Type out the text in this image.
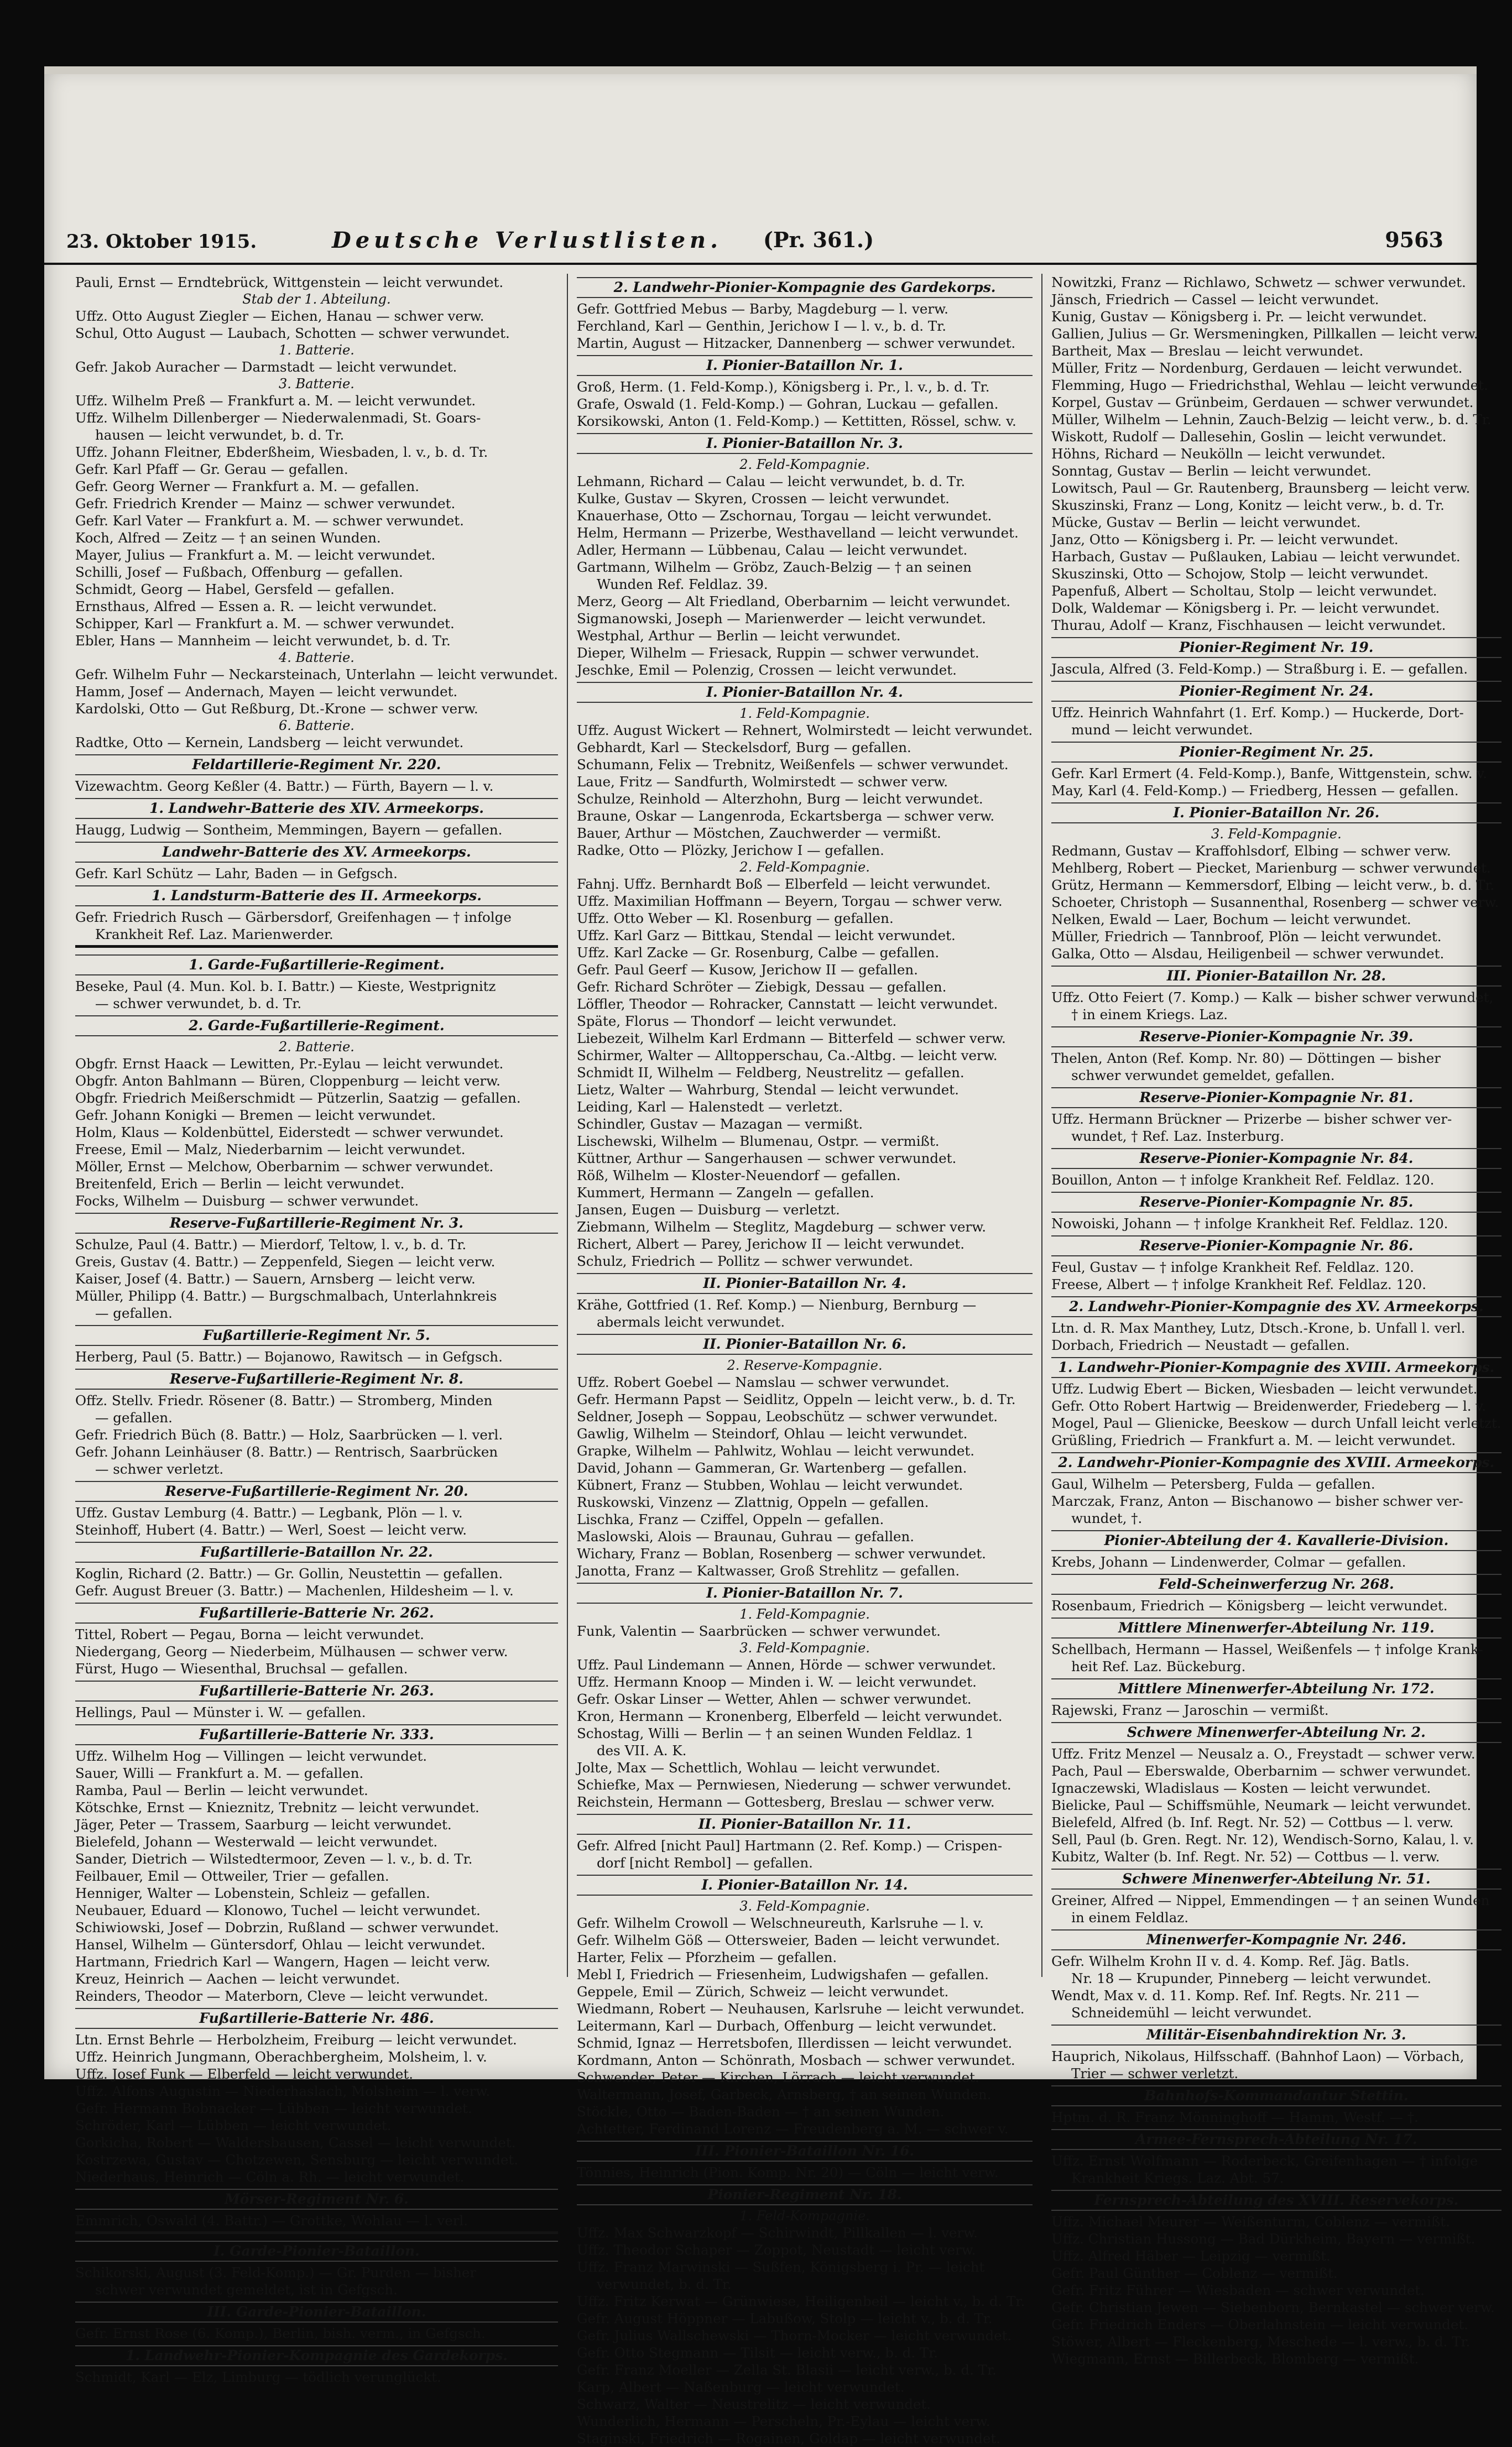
23. Oktober 1915.	Deutsche Verlustlisten. (Pr. 361.)	9563
Pauli, Ernst — Erndtebrück, Wittgenstein — leicht verwundet.
Stab der 1. Abteilung.
Uffz. Otto August Ziegler — Eichen, Hanau — schwer verw.
Schul, Otto August — Laubach, Schotten — schwer verwundet.
1. Batterie.
Gefr. Jakob Auracher — Darmstadt — leicht verwundet.
3. Batterie.
Uffz. Wilhelm Preß — Frankfurt a. M. — leicht verwundet.
Uffz. Wilhelm Dillenberger — Niederwalenmadi, St. Goars-
hausen — leicht verwundet, b. d. Tr.
Uffz. Johann Fleitner, Ebderßheim, Wiesbaden, l. v., b. d. Tr.
Gefr. Karl Pfaff — Gr. Gerau — gefallen.
Gefr. Georg Werner — Frankfurt a. M. — gefallen.
Gefr. Friedrich Krender — Mainz — schwer verwundet.
Gefr. Karl Vater — Frankfurt a. M. — schwer verwundet.
Koch, Alfred — Zeitz — † an seinen Wunden.
Mayer, Julius — Frankfurt a. M. — leicht verwundet.
Schilli, Josef — Fußbach, Offenburg — gefallen.
Schmidt, Georg — Habel, Gersfeld — gefallen.
Ernsthaus, Alfred — Essen a. R. — leicht verwundet.
Schipper, Karl — Frankfurt a. M. — schwer verwundet.
Ebler, Hans — Mannheim — leicht verwundet, b. d. Tr.
4. Batterie.
Gefr. Wilhelm Fuhr — Neckarsteinach, Unterlahn — leicht verwundet.
Hamm, Josef — Andernach, Mayen — leicht verwundet.
Kardolski, Otto — Gut Reßburg, Dt.-Krone — schwer verw.
6. Batterie.
Radtke, Otto — Kernein, Landsberg — leicht verwundet.
Feldartillerie-Regiment Nr. 220.
Vizewachtm. Georg Keßler (4. Battr.) — Fürth, Bayern — l. v.
1. Landwehr-Batterie des XIV. Armeekorps.
Haugg, Ludwig — Sontheim, Memmingen, Bayern — gefallen.
Landwehr-Batterie des XV. Armeekorps.
Gefr. Karl Schütz — Lahr, Baden — in Gefgsch.
1. Landsturm-Batterie des II. Armeekorps.
Gefr. Friedrich Rusch — Gärbersdorf, Greifenhagen — † infolge
Krankheit Ref. Laz. Marienwerder.
1. Garde-Fußartillerie-Regiment.
Beseke, Paul (4. Mun. Kol. b. I. Battr.) — Kieste, Westprignitz
— schwer verwundet, b. d. Tr.
2. Garde-Fußartillerie-Regiment.
2. Batterie.
Obgfr. Ernst Haack — Lewitten, Pr.-Eylau — leicht verwundet.
Obgfr. Anton Bahlmann — Büren, Cloppenburg — leicht verw.
Obgfr. Friedrich Meißerschmidt — Pützerlin, Saatzig — gefallen.
Gefr. Johann Konigki — Bremen — leicht verwundet.
Holm, Klaus — Koldenbüttel, Eiderstedt — schwer verwundet.
Freese, Emil — Malz, Niederbarnim — leicht verwundet.
Möller, Ernst — Melchow, Oberbarnim — schwer verwundet.
Breitenfeld, Erich — Berlin — leicht verwundet.
Focks, Wilhelm — Duisburg — schwer verwundet.
Reserve-Fußartillerie-Regiment Nr. 3.
Schulze, Paul (4. Battr.) — Mierdorf, Teltow, l. v., b. d. Tr.
Greis, Gustav (4. Battr.) — Zeppenfeld, Siegen — leicht verw.
Kaiser, Josef (4. Battr.) — Sauern, Arnsberg — leicht verw.
Müller, Philipp (4. Battr.) — Burgschmalbach, Unterlahnkreis
— gefallen.
Fußartillerie-Regiment Nr. 5.
Herberg, Paul (5. Battr.) — Bojanowo, Rawitsch — in Gefgsch.
Reserve-Fußartillerie-Regiment Nr. 8.
Offz. Stellv. Friedr. Rösener (8. Battr.) — Stromberg, Minden
— gefallen.
Gefr. Friedrich Büch (8. Battr.) — Holz, Saarbrücken — l. verl.
Gefr. Johann Leinhäuser (8. Battr.) — Rentrisch, Saarbrücken
— schwer verletzt.
Reserve-Fußartillerie-Regiment Nr. 20.
Uffz. Gustav Lemburg (4. Battr.) — Legbank, Plön — l. v.
Steinhoff, Hubert (4. Battr.) — Werl, Soest — leicht verw.
Fußartillerie-Bataillon Nr. 22.
Koglin, Richard (2. Battr.) — Gr. Gollin, Neustettin — gefallen.
Gefr. August Breuer (3. Battr.) — Machenlen, Hildesheim — l. v.
Fußartillerie-Batterie Nr. 262.
Tittel, Robert — Pegau, Borna — leicht verwundet.
Niedergang, Georg — Niederbeim, Mülhausen — schwer verw.
Fürst, Hugo — Wiesenthal, Bruchsal — gefallen.
Fußartillerie-Batterie Nr. 263.
Hellings, Paul — Münster i. W. — gefallen.
Fußartillerie-Batterie Nr. 333.
Uffz. Wilhelm Hog — Villingen — leicht verwundet.
Sauer, Willi — Frankfurt a. M. — gefallen.
Ramba, Paul — Berlin — leicht verwundet.
Kötschke, Ernst — Knieznitz, Trebnitz — leicht verwundet.
Jäger, Peter — Trassem, Saarburg — leicht verwundet.
Bielefeld, Johann — Westerwald — leicht verwundet.
Sander, Dietrich — Wilstedtermoor, Zeven — l. v., b. d. Tr.
Feilbauer, Emil — Ottweiler, Trier — gefallen.
Henniger, Walter — Lobenstein, Schleiz — gefallen.
Neubauer, Eduard — Klonowo, Tuchel — leicht verwundet.
Schiwiowski, Josef — Dobrzin, Rußland — schwer verwundet.
Hansel, Wilhelm — Güntersdorf, Ohlau — leicht verwundet.
Hartmann, Friedrich Karl — Wangern, Hagen — leicht verw.
Kreuz, Heinrich — Aachen — leicht verwundet.
Reinders, Theodor — Materborn, Cleve — leicht verwundet.
Fußartillerie-Batterie Nr. 486.
Ltn. Ernst Behrle — Herbolzheim, Freiburg — leicht verwundet.
Uffz. Heinrich Jungmann, Oberachbergheim, Molsheim, l. v.
Uffz. Josef Funk — Elberfeld — leicht verwundet.
Uffz. Alfons Augustin — Niederhaslach, Molsheim — l. verw.
Gefr. Hermann Bobnacker — Lübben — leicht verwundet.
Schröder, Karl — Lübben — leicht verwundet.
Gorkicha, Robert — Waldersbausen, Cassel — leicht verwundet.
Kostrzewa, Gustav — Chotzewen, Sensburg — leicht verwundet.
Niederhaus, Heinrich — Cöln a. Rh. — leicht verwundet.
Mörser-Regiment Nr. 6.
Emmrich, Oswald (4. Battr.) — Grottke, Wohlau — l. verl.
I. Garde-Pionier-Bataillon.
Schikorski, August (3. Feld-Komp.) — Gr. Purden — bisher
schwer verwundet gemeldet, ist in Gefgsch.
III. Garde-Pionier-Bataillon.
Gefr. Ernst Rose (6. Komp.), Berlin, bish. verm., in Gefgsch.
1. Landwehr-Pionier-Kompagnie des Gardekorps.
Schmidt, Karl — Elz, Limburg — tödlich verunglückt.
2. Landwehr-Pionier-Kompagnie des Gardekorps.
Gefr. Gottfried Mebus — Barby, Magdeburg — l. verw.
Ferchland, Karl — Genthin, Jerichow I — l. v., b. d. Tr.
Martin, August — Hitzacker, Dannenberg — schwer verwundet.
I. Pionier-Bataillon Nr. 1.
Groß, Herm. (1. Feld-Komp.), Königsberg i. Pr., l. v., b. d. Tr.
Grafe, Oswald (1. Feld-Komp.) — Gohran, Luckau — gefallen.
Korsikowski, Anton (1. Feld-Komp.) — Kettitten, Rössel, schw. v.
I. Pionier-Bataillon Nr. 3.
2. Feld-Kompagnie.
Lehmann, Richard — Calau — leicht verwundet, b. d. Tr.
Kulke, Gustav — Skyren, Crossen — leicht verwundet.
Knauerhase, Otto — Zschornau, Torgau — leicht verwundet.
Helm, Hermann — Prizerbe, Westhavelland — leicht verwundet.
Adler, Hermann — Lübbenau, Calau — leicht verwundet.
Gartmann, Wilhelm — Gröbz, Zauch-Belzig — † an seinen
Wunden Ref. Feldlaz. 39.
Merz, Georg — Alt Friedland, Oberbarnim — leicht verwundet.
Sigmanowski, Joseph — Marienwerder — leicht verwundet.
Westphal, Arthur — Berlin — leicht verwundet.
Dieper, Wilhelm — Friesack, Ruppin — schwer verwundet.
Jeschke, Emil — Polenzig, Crossen — leicht verwundet.
I. Pionier-Bataillon Nr. 4.
1. Feld-Kompagnie.
Uffz. August Wickert — Rehnert, Wolmirstedt — leicht verwundet.
Gebhardt, Karl — Steckelsdorf, Burg — gefallen.
Schumann, Felix — Trebnitz, Weißenfels — schwer verwundet.
Laue, Fritz — Sandfurth, Wolmirstedt — schwer verw.
Schulze, Reinhold — Alterzhohn, Burg — leicht verwundet.
Braune, Oskar — Langenroda, Eckartsberga — schwer verw.
Bauer, Arthur — Möstchen, Zauchwerder — vermißt.
Radke, Otto — Plözky, Jerichow I — gefallen.
2. Feld-Kompagnie.
Fahnj. Uffz. Bernhardt Boß — Elberfeld — leicht verwundet.
Uffz. Maximilian Hoffmann — Beyern, Torgau — schwer verw.
Uffz. Otto Weber — Kl. Rosenburg — gefallen.
Uffz. Karl Garz — Bittkau, Stendal — leicht verwundet.
Uffz. Karl Zacke — Gr. Rosenburg, Calbe — gefallen.
Gefr. Paul Geerf — Kusow, Jerichow II — gefallen.
Gefr. Richard Schröter — Ziebigk, Dessau — gefallen.
Löffler, Theodor — Rohracker, Cannstatt — leicht verwundet.
Späte, Florus — Thondorf — leicht verwundet.
Liebezeit, Wilhelm Karl Erdmann — Bitterfeld — schwer verw.
Schirmer, Walter — Alltopperschau, Ca.-Altbg. — leicht verw.
Schmidt II, Wilhelm — Feldberg, Neustrelitz — gefallen.
Lietz, Walter — Wahrburg, Stendal — leicht verwundet.
Leiding, Karl — Halenstedt — verletzt.
Schindler, Gustav — Mazagan — vermißt.
Lischewski, Wilhelm — Blumenau, Ostpr. — vermißt.
Küttner, Arthur — Sangerhausen — schwer verwundet.
Röß, Wilhelm — Kloster-Neuendorf — gefallen.
Kummert, Hermann — Zangeln — gefallen.
Jansen, Eugen — Duisburg — verletzt.
Ziebmann, Wilhelm — Steglitz, Magdeburg — schwer verw.
Richert, Albert — Parey, Jerichow II — leicht verwundet.
Schulz, Friedrich — Pollitz — schwer verwundet.
II. Pionier-Bataillon Nr. 4.
Krähe, Gottfried (1. Ref. Komp.) — Nienburg, Bernburg —
abermals leicht verwundet.
II. Pionier-Bataillon Nr. 6.
2. Reserve-Kompagnie.
Uffz. Robert Goebel — Namslau — schwer verwundet.
Gefr. Hermann Papst — Seidlitz, Oppeln — leicht verw., b. d. Tr.
Seldner, Joseph — Soppau, Leobschütz — schwer verwundet.
Gawlig, Wilhelm — Steindorf, Ohlau — leicht verwundet.
Grapke, Wilhelm — Pahlwitz, Wohlau — leicht verwundet.
David, Johann — Gammeran, Gr. Wartenberg — gefallen.
Kübnert, Franz — Stubben, Wohlau — leicht verwundet.
Ruskowski, Vinzenz — Zlattnig, Oppeln — gefallen.
Lischka, Franz — Cziffel, Oppeln — gefallen.
Maslowski, Alois — Braunau, Guhrau — gefallen.
Wichary, Franz — Boblan, Rosenberg — schwer verwundet.
Janotta, Franz — Kaltwasser, Groß Strehlitz — gefallen.
I. Pionier-Bataillon Nr. 7.
1. Feld-Kompagnie.
Funk, Valentin — Saarbrücken — schwer verwundet.
3. Feld-Kompagnie.
Uffz. Paul Lindemann — Annen, Hörde — schwer verwundet.
Uffz. Hermann Knoop — Minden i. W. — leicht verwundet.
Gefr. Oskar Linser — Wetter, Ahlen — schwer verwundet.
Kron, Hermann — Kronenberg, Elberfeld — leicht verwundet.
Schostag, Willi — Berlin — † an seinen Wunden Feldlaz. 1
des VII. A. K.
Jolte, Max — Schettlich, Wohlau — leicht verwundet.
Schiefke, Max — Pernwiesen, Niederung — schwer verwundet.
Reichstein, Hermann — Gottesberg, Breslau — schwer verw.
II. Pionier-Bataillon Nr. 11.
Gefr. Alfred [nicht Paul] Hartmann (2. Ref. Komp.) — Crispen-
dorf [nicht Rembol] — gefallen.
I. Pionier-Bataillon Nr. 14.
3. Feld-Kompagnie.
Gefr. Wilhelm Crowoll — Welschneureuth, Karlsruhe — l. v.
Gefr. Wilhelm Göß — Ottersweier, Baden — leicht verwundet.
Harter, Felix — Pforzheim — gefallen.
Mebl I, Friedrich — Friesenheim, Ludwigshafen — gefallen.
Geppele, Emil — Zürich, Schweiz — leicht verwundet.
Wiedmann, Robert — Neuhausen, Karlsruhe — leicht verwundet.
Leitermann, Karl — Durbach, Offenburg — leicht verwundet.
Schmid, Ignaz — Herretsbofen, Illerdissen — leicht verwundet.
Kordmann, Anton — Schönrath, Mosbach — schwer verwundet.
Schwender, Peter — Kirchen, Lörrach — leicht verwundet.
Waltermann, Josef, Garbeck, Arnsberg, † an seinen Wunden.
Stöckle, Otto — Baden-Baden — † an seinen Wunden.
Achtetter, Ferdinand Lorenz — Freudenberg a. M. — schwer v.
III. Pionier-Bataillon Nr. 16.
Tönnies, Heinrich (Pion. Komp. Nr. 20) — Cöln — leicht verw.
Pionier-Regiment Nr. 18.
1. Feld-Kompagnie.
Uffz. Max Schwarzkopf — Schirwindt, Pillkallen — l. verw.
Uffz. Theodor Schaper — Zoppot, Neustadt — leicht verw.
Uffz. Franz Marwinski — Sußfen, Königsberg i. Pr. — leicht
verwundet, b. d. Tr.
Uffz. Fritz Kerwat — Grünwiese, Heiligenbeil — leicht v., b. d. Tr.
Gefr. August Höppner — Labußow, Stolp — leicht v., b. d. Tr.
Gefr. Julius Wallschewski — Thorn-Mocker — leicht verwundet.
Gefr. Otto Stegmann — Tilsit — leicht verw., b. d. Tr.
Gefr. Franz Moeller — Zella St. Blasii — leicht verw., b. d. Tr.
Karp, Albert — Naßenburg — leicht verwundet.
Schwarz, Walter — Neustrelitz — leicht verwundet.
Wunderlich, Hermann — Perscheln, Pr.-Eylau — leicht verw.
Staginski, Friedrich — Rogainen, Goldap — leicht verwundet.
Nowitzki, Franz — Richlawo, Schwetz — schwer verwundet.
Jänsch, Friedrich — Cassel — leicht verwundet.
Kunig, Gustav — Königsberg i. Pr. — leicht verwundet.
Gallien, Julius — Gr. Wersmeningken, Pillkallen — leicht verw.
Bartheit, Max — Breslau — leicht verwundet.
Müller, Fritz — Nordenburg, Gerdauen — leicht verwundet.
Flemming, Hugo — Friedrichsthal, Wehlau — leicht verwundet.
Korpel, Gustav — Grünbeim, Gerdauen — schwer verwundet.
Müller, Wilhelm — Lehnin, Zauch-Belzig — leicht verw., b. d. Tr.
Wiskott, Rudolf — Dallesehin, Goslin — leicht verwundet.
Höhns, Richard — Neukölln — leicht verwundet.
Sonntag, Gustav — Berlin — leicht verwundet.
Lowitsch, Paul — Gr. Rautenberg, Braunsberg — leicht verw.
Skuszinski, Franz — Long, Konitz — leicht verw., b. d. Tr.
Mücke, Gustav — Berlin — leicht verwundet.
Janz, Otto — Königsberg i. Pr. — leicht verwundet.
Harbach, Gustav — Pußlauken, Labiau — leicht verwundet.
Skuszinski, Otto — Schojow, Stolp — leicht verwundet.
Papenfuß, Albert — Scholtau, Stolp — leicht verwundet.
Dolk, Waldemar — Königsberg i. Pr. — leicht verwundet.
Thurau, Adolf — Kranz, Fischhausen — leicht verwundet.
Pionier-Regiment Nr. 19.
Jascula, Alfred (3. Feld-Komp.) — Straßburg i. E. — gefallen.
Pionier-Regiment Nr. 24.
Uffz. Heinrich Wahnfahrt (1. Erf. Komp.) — Huckerde, Dort-
mund — leicht verwundet.
Pionier-Regiment Nr. 25.
Gefr. Karl Ermert (4. Feld-Komp.), Banfe, Wittgenstein, schw. v.
May, Karl (4. Feld-Komp.) — Friedberg, Hessen — gefallen.
I. Pionier-Bataillon Nr. 26.
3. Feld-Kompagnie.
Redmann, Gustav — Kraffohlsdorf, Elbing — schwer verw.
Mehlberg, Robert — Piecket, Marienburg — schwer verwundet.
Grütz, Hermann — Kemmersdorf, Elbing — leicht verw., b. d. Tr.
Schoeter, Christoph — Susannenthal, Rosenberg — schwer verw.
Nelken, Ewald — Laer, Bochum — leicht verwundet.
Müller, Friedrich — Tannbroof, Plön — leicht verwundet.
Galka, Otto — Alsdau, Heiligenbeil — schwer verwundet.
III. Pionier-Bataillon Nr. 28.
Uffz. Otto Feiert (7. Komp.) — Kalk — bisher schwer verwundet,
† in einem Kriegs. Laz.
Reserve-Pionier-Kompagnie Nr. 39.
Thelen, Anton (Ref. Komp. Nr. 80) — Döttingen — bisher
schwer verwundet gemeldet, gefallen.
Reserve-Pionier-Kompagnie Nr. 81.
Uffz. Hermann Brückner — Prizerbe — bisher schwer ver-
wundet, † Ref. Laz. Insterburg.
Reserve-Pionier-Kompagnie Nr. 84.
Bouillon, Anton — † infolge Krankheit Ref. Feldlaz. 120.
Reserve-Pionier-Kompagnie Nr. 85.
Nowoiski, Johann — † infolge Krankheit Ref. Feldlaz. 120.
Reserve-Pionier-Kompagnie Nr. 86.
Feul, Gustav — † infolge Krankheit Ref. Feldlaz. 120.
Freese, Albert — † infolge Krankheit Ref. Feldlaz. 120.
2. Landwehr-Pionier-Kompagnie des XV. Armeekorps.
Ltn. d. R. Max Manthey, Lutz, Dtsch.-Krone, b. Unfall l. verl.
Dorbach, Friedrich — Neustadt — gefallen.
1. Landwehr-Pionier-Kompagnie des XVIII. Armeekorps.
Uffz. Ludwig Ebert — Bicken, Wiesbaden — leicht verwundet.
Gefr. Otto Robert Hartwig — Breidenwerder, Friedeberg — l. v.
Mogel, Paul — Glienicke, Beeskow — durch Unfall leicht verletzt.
Grüßling, Friedrich — Frankfurt a. M. — leicht verwundet.
2. Landwehr-Pionier-Kompagnie des XVIII. Armeekorps.
Gaul, Wilhelm — Petersberg, Fulda — gefallen.
Marczak, Franz, Anton — Bischanowo — bisher schwer ver-
wundet, †.
Pionier-Abteilung der 4. Kavallerie-Division.
Krebs, Johann — Lindenwerder, Colmar — gefallen.
Feld-Scheinwerferzug Nr. 268.
Rosenbaum, Friedrich — Königsberg — leicht verwundet.
Mittlere Minenwerfer-Abteilung Nr. 119.
Schellbach, Hermann — Hassel, Weißenfels — † infolge Krank-
heit Ref. Laz. Bückeburg.
Mittlere Minenwerfer-Abteilung Nr. 172.
Rajewski, Franz — Jaroschin — vermißt.
Schwere Minenwerfer-Abteilung Nr. 2.
Uffz. Fritz Menzel — Neusalz a. O., Freystadt — schwer verw.
Pach, Paul — Eberswalde, Oberbarnim — schwer verwundet.
Ignaczewski, Wladislaus — Kosten — leicht verwundet.
Bielicke, Paul — Schiffsmühle, Neumark — leicht verwundet.
Bielefeld, Alfred (b. Inf. Regt. Nr. 52) — Cottbus — l. verw.
Sell, Paul (b. Gren. Regt. Nr. 12), Wendisch-Sorno, Kalau, l. v.
Kubitz, Walter (b. Inf. Regt. Nr. 52) — Cottbus — l. verw.
Schwere Minenwerfer-Abteilung Nr. 51.
Greiner, Alfred — Nippel, Emmendingen — † an seinen Wunden
in einem Feldlaz.
Minenwerfer-Kompagnie Nr. 246.
Gefr. Wilhelm Krohn II v. d. 4. Komp. Ref. Jäg. Batls.
Nr. 18 — Krupunder, Pinneberg — leicht verwundet.
Wendt, Max v. d. 11. Komp. Ref. Inf. Regts. Nr. 211 —
Schneidemühl — leicht verwundet.
Militär-Eisenbahndirektion Nr. 3.
Hauprich, Nikolaus, Hilfsschaff. (Bahnhof Laon) — Vörbach,
Trier — schwer verletzt.
Bahnhofs-Kommandantur Stettin.
Hptm. d. R. Franz Mönninghoff — Hamm, Westf. — †.
Armee-Fernsprech-Abteilung Nr. 17.
Uffz. Ernst Wolfmann — Roderbeck, Greifenhagen — † infolge
Krankheit Kriegs. Laz. Abt. 57.
Fernsprech-Abteilung des XVIII. Reservekorps.
Uffz. Michael Meurer — Weißenturm, Coblenz — vermißt.
Uffz. Christian Hussong — Bad Dürkheim, Bayern — vermißt.
Uffz. Alfred Häber — Leipzig — vermißt.
Gefr. Paul Günther — Coblenz — vermißt.
Gefr. Fritz Führer — Wiesbaden — schwer verwundet.
Gefr. Christian Jewen — Siebenborn, Bernkastel — schwer verw.
Gefr. Friedrich Enders — Oberlahnstein — leicht verwundet.
Stöwer, Albert — Fleckenberg, Meschede — l. verw., b. d. Tr.
Wiegmann, Ernst — Billerbeck, Blomberg — vermißt.
